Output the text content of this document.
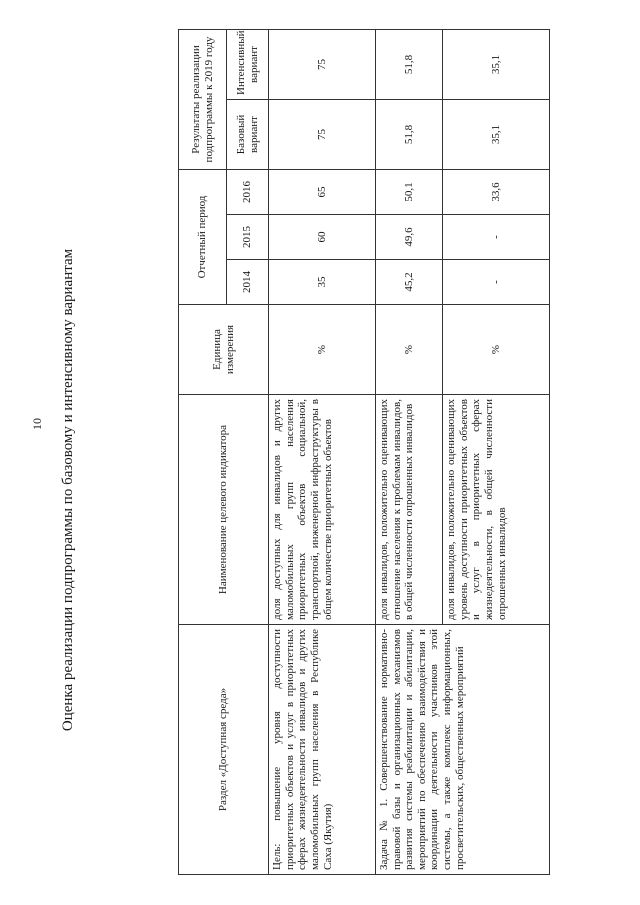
10 Оценка реализации подпрограммы по базовому и интенсивному вариантам
Раздел «Доступная среда»	Наименование целевого индикатора	Единица измерения	Отчетный период			Результаты реализации подпрограммы к 2019 году	
			2014	2015	2016	Базовый вариант	Интенсивный вариант
Цель: повышение уровня доступности приоритетных объектов и услуг в приоритетных сферах жизнедеятельности инвалидов и других маломобильных групп населения в Республике Саха (Якутия)	доля доступных для инвалидов и других маломобильных групп населения приоритетных объектов социальной, транспортной, инженерной инфраструктуры в общем количестве приоритетных объектов	%	35	60	65	75	75
Задача № 1. Совершенствование нормативно-правовой базы и организационных механизмов развития системы реабилитации и абилитации, мероприятий по обеспечению взаимодействия и координации деятельности участников этой системы, а также комплекс информационных, просветительских, общественных мероприятий	доля инвалидов, положительно оценивающих отношение населения к проблемам инвалидов, в общей численности опрошенных инвалидов	%	45,2	49,6	50,1	51,8	51,8
	доля инвалидов, положительно оценивающих уровень доступности приоритетных объектов и услуг в приоритетных сферах жизнедеятельности, в общей численности опрошенных инвалидов	%	-	-	33,6	35,1	35,1
